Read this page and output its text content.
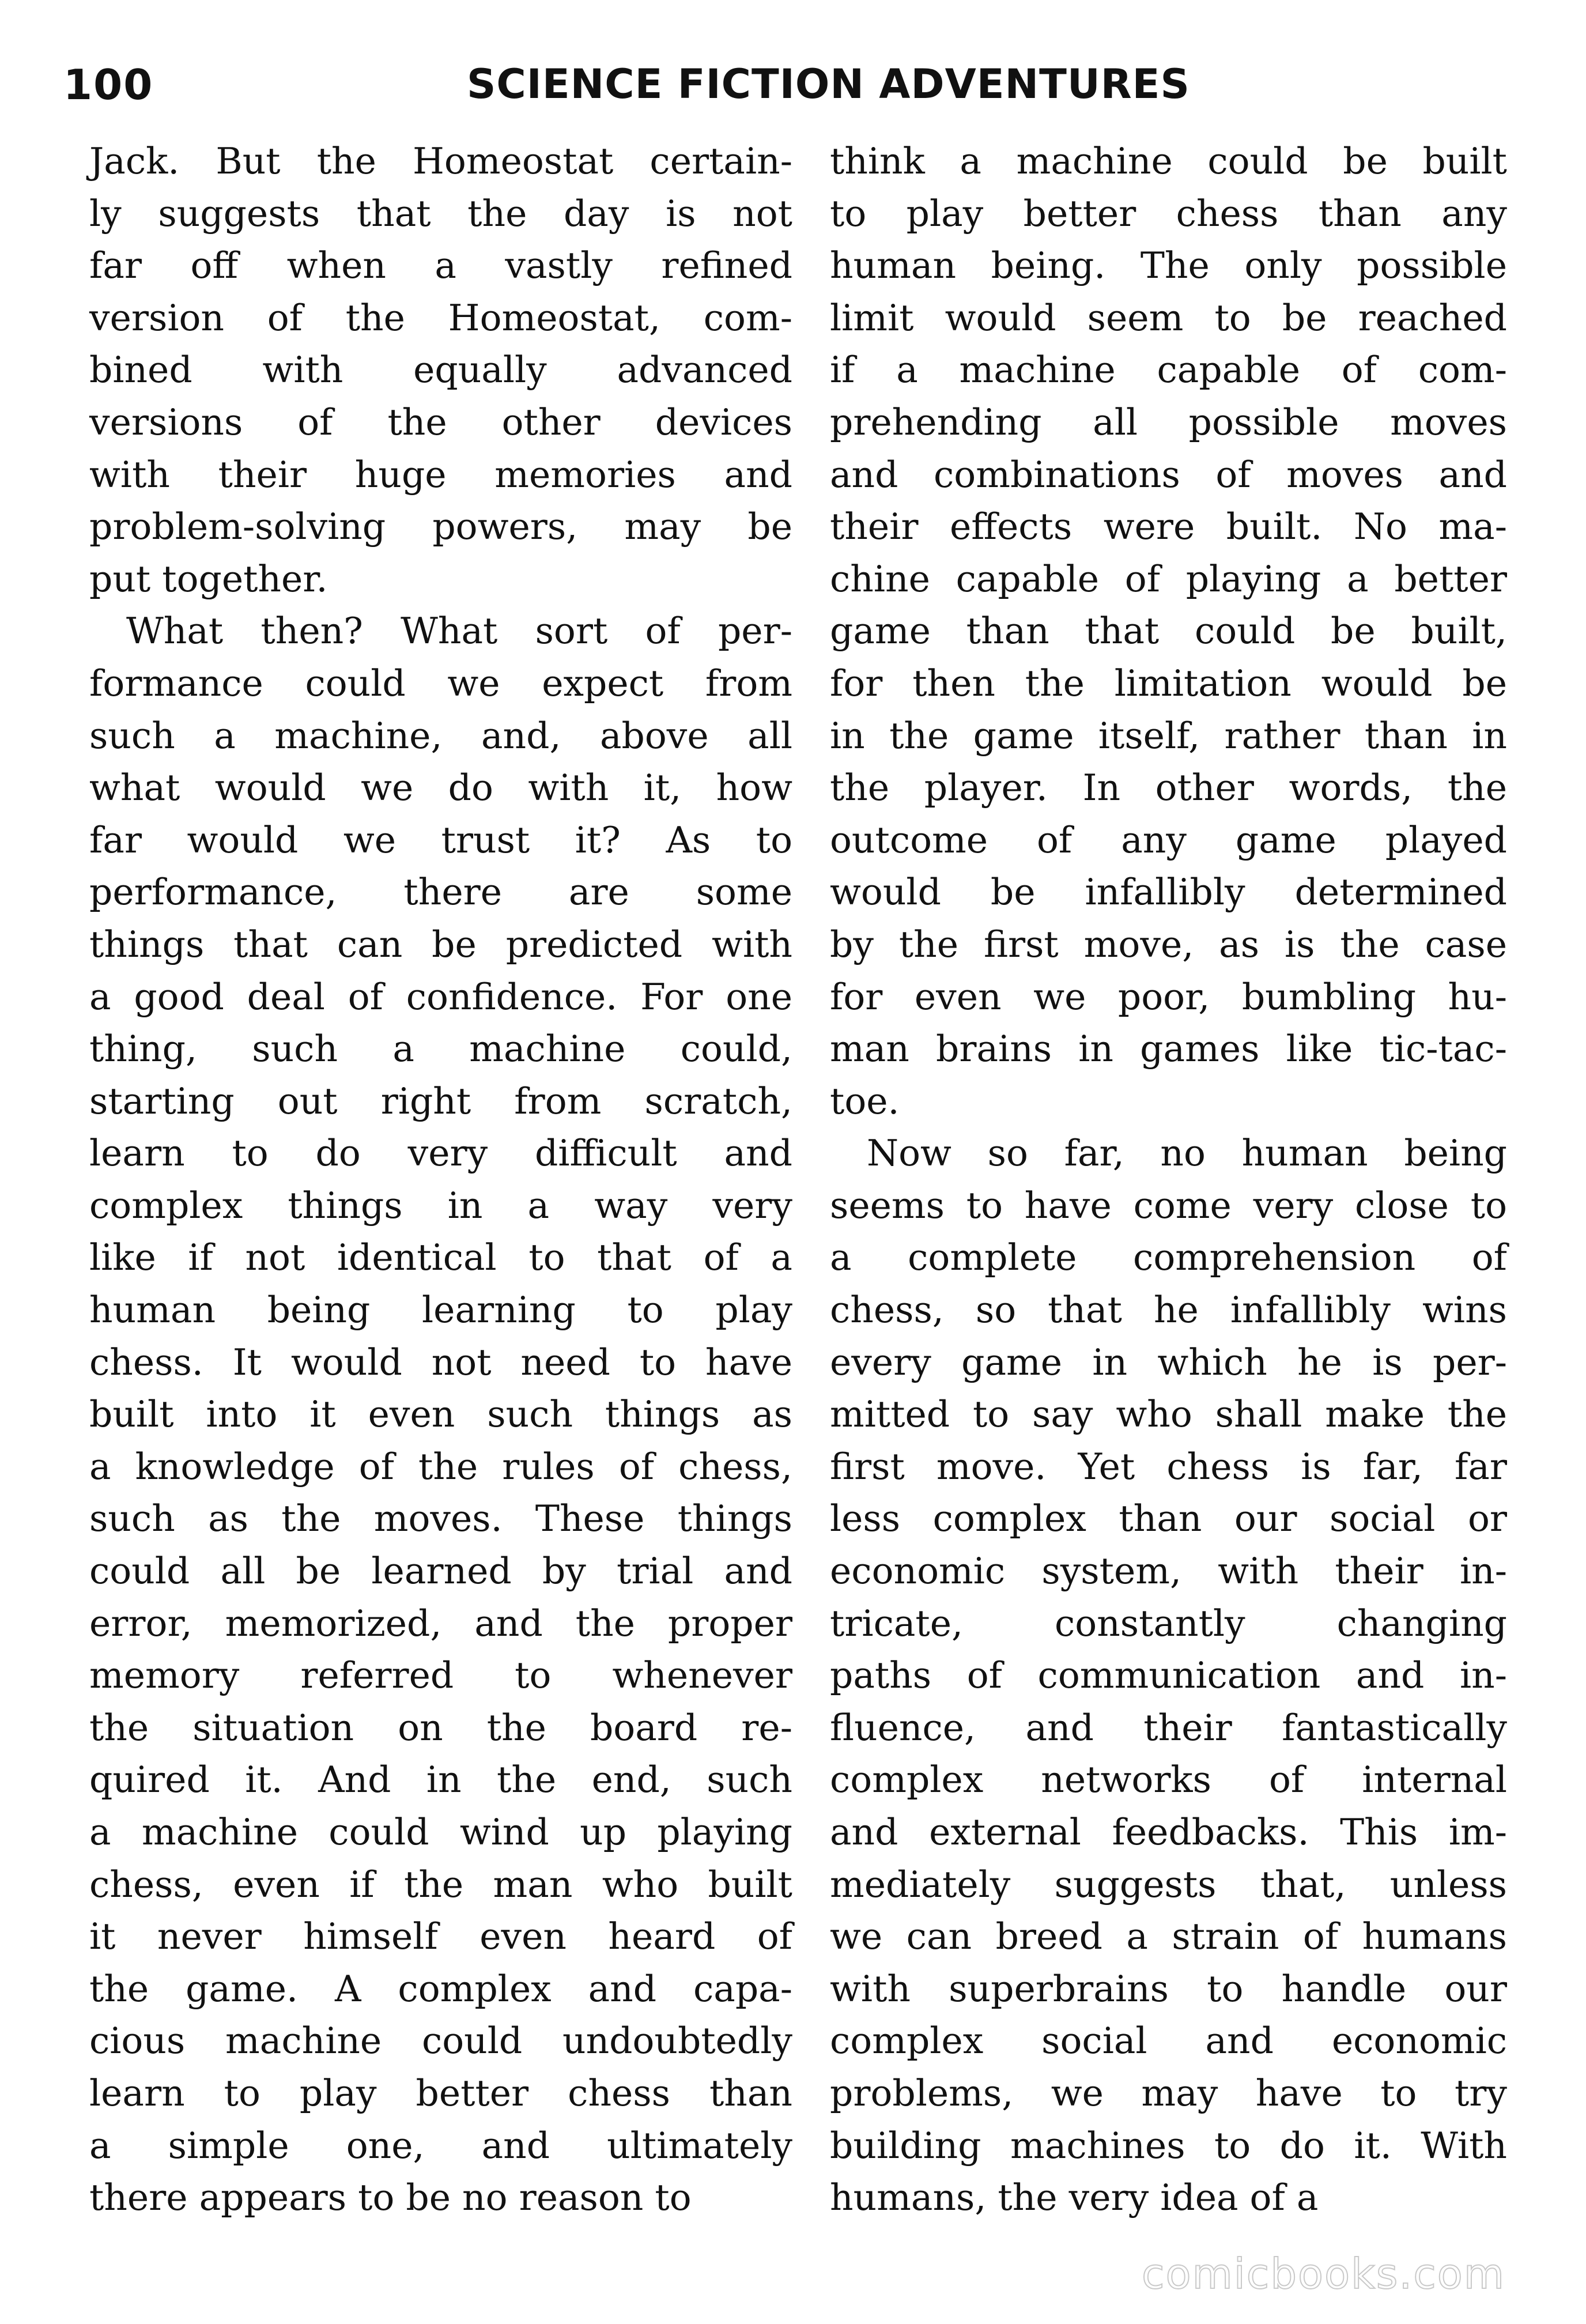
100	SCIENCE FICTION ADVENTURES
Jack. But the Homeostat certain-
ly suggests that the day is not
far off when a vastly refined
version of the Homeostat, com-
bined with equally advanced
versions of the other devices
with their huge memories and
problem-solving powers, may be
put together.
What then? What sort of per-
formance could we expect from
such a machine, and, above all
what would we do with it, how
far would we trust it? As to
performance, there are some
things that can be predicted with
a good deal of confidence. For one
thing, such a machine could,
starting out right from scratch,
learn to do very difficult and
complex things in a way very
like if not identical to that of a
human being learning to play
chess. It would not need to have
built into it even such things as
a knowledge of the rules of chess,
such as the moves. These things
could all be learned by trial and
error, memorized, and the proper
memory referred to whenever
the situation on the board re-
quired it. And in the end, such
a machine could wind up playing
chess, even if the man who built
it never himself even heard of
the game. A complex and capa-
cious machine could undoubtedly
learn to play better chess than
a simple one, and ultimately
there appears to be no reason to
think a machine could be built
to play better chess than any
human being. The only possible
limit would seem to be reached
if a machine capable of com-
prehending all possible moves
and combinations of moves and
their effects were built. No ma-
chine capable of playing a better
game than that could be built,
for then the limitation would be
in the game itself, rather than in
the player. In other words, the
outcome of any game played
would be infallibly determined
by the first move, as is the case
for even we poor, bumbling hu-
man brains in games like tic-tac-
toe.
Now so far, no human being
seems to have come very close to
a complete comprehension of
chess, so that he infallibly wins
every game in which he is per-
mitted to say who shall make the
first move. Yet chess is far, far
less complex than our social or
economic system, with their in-
tricate, constantly changing
paths of communication and in-
fluence, and their fantastically
complex networks of internal
and external feedbacks. This im-
mediately suggests that, unless
we can breed a strain of humans
with superbrains to handle our
complex social and economic
problems, we may have to try
building machines to do it. With
humans, the very idea of a
comicbooks.com
